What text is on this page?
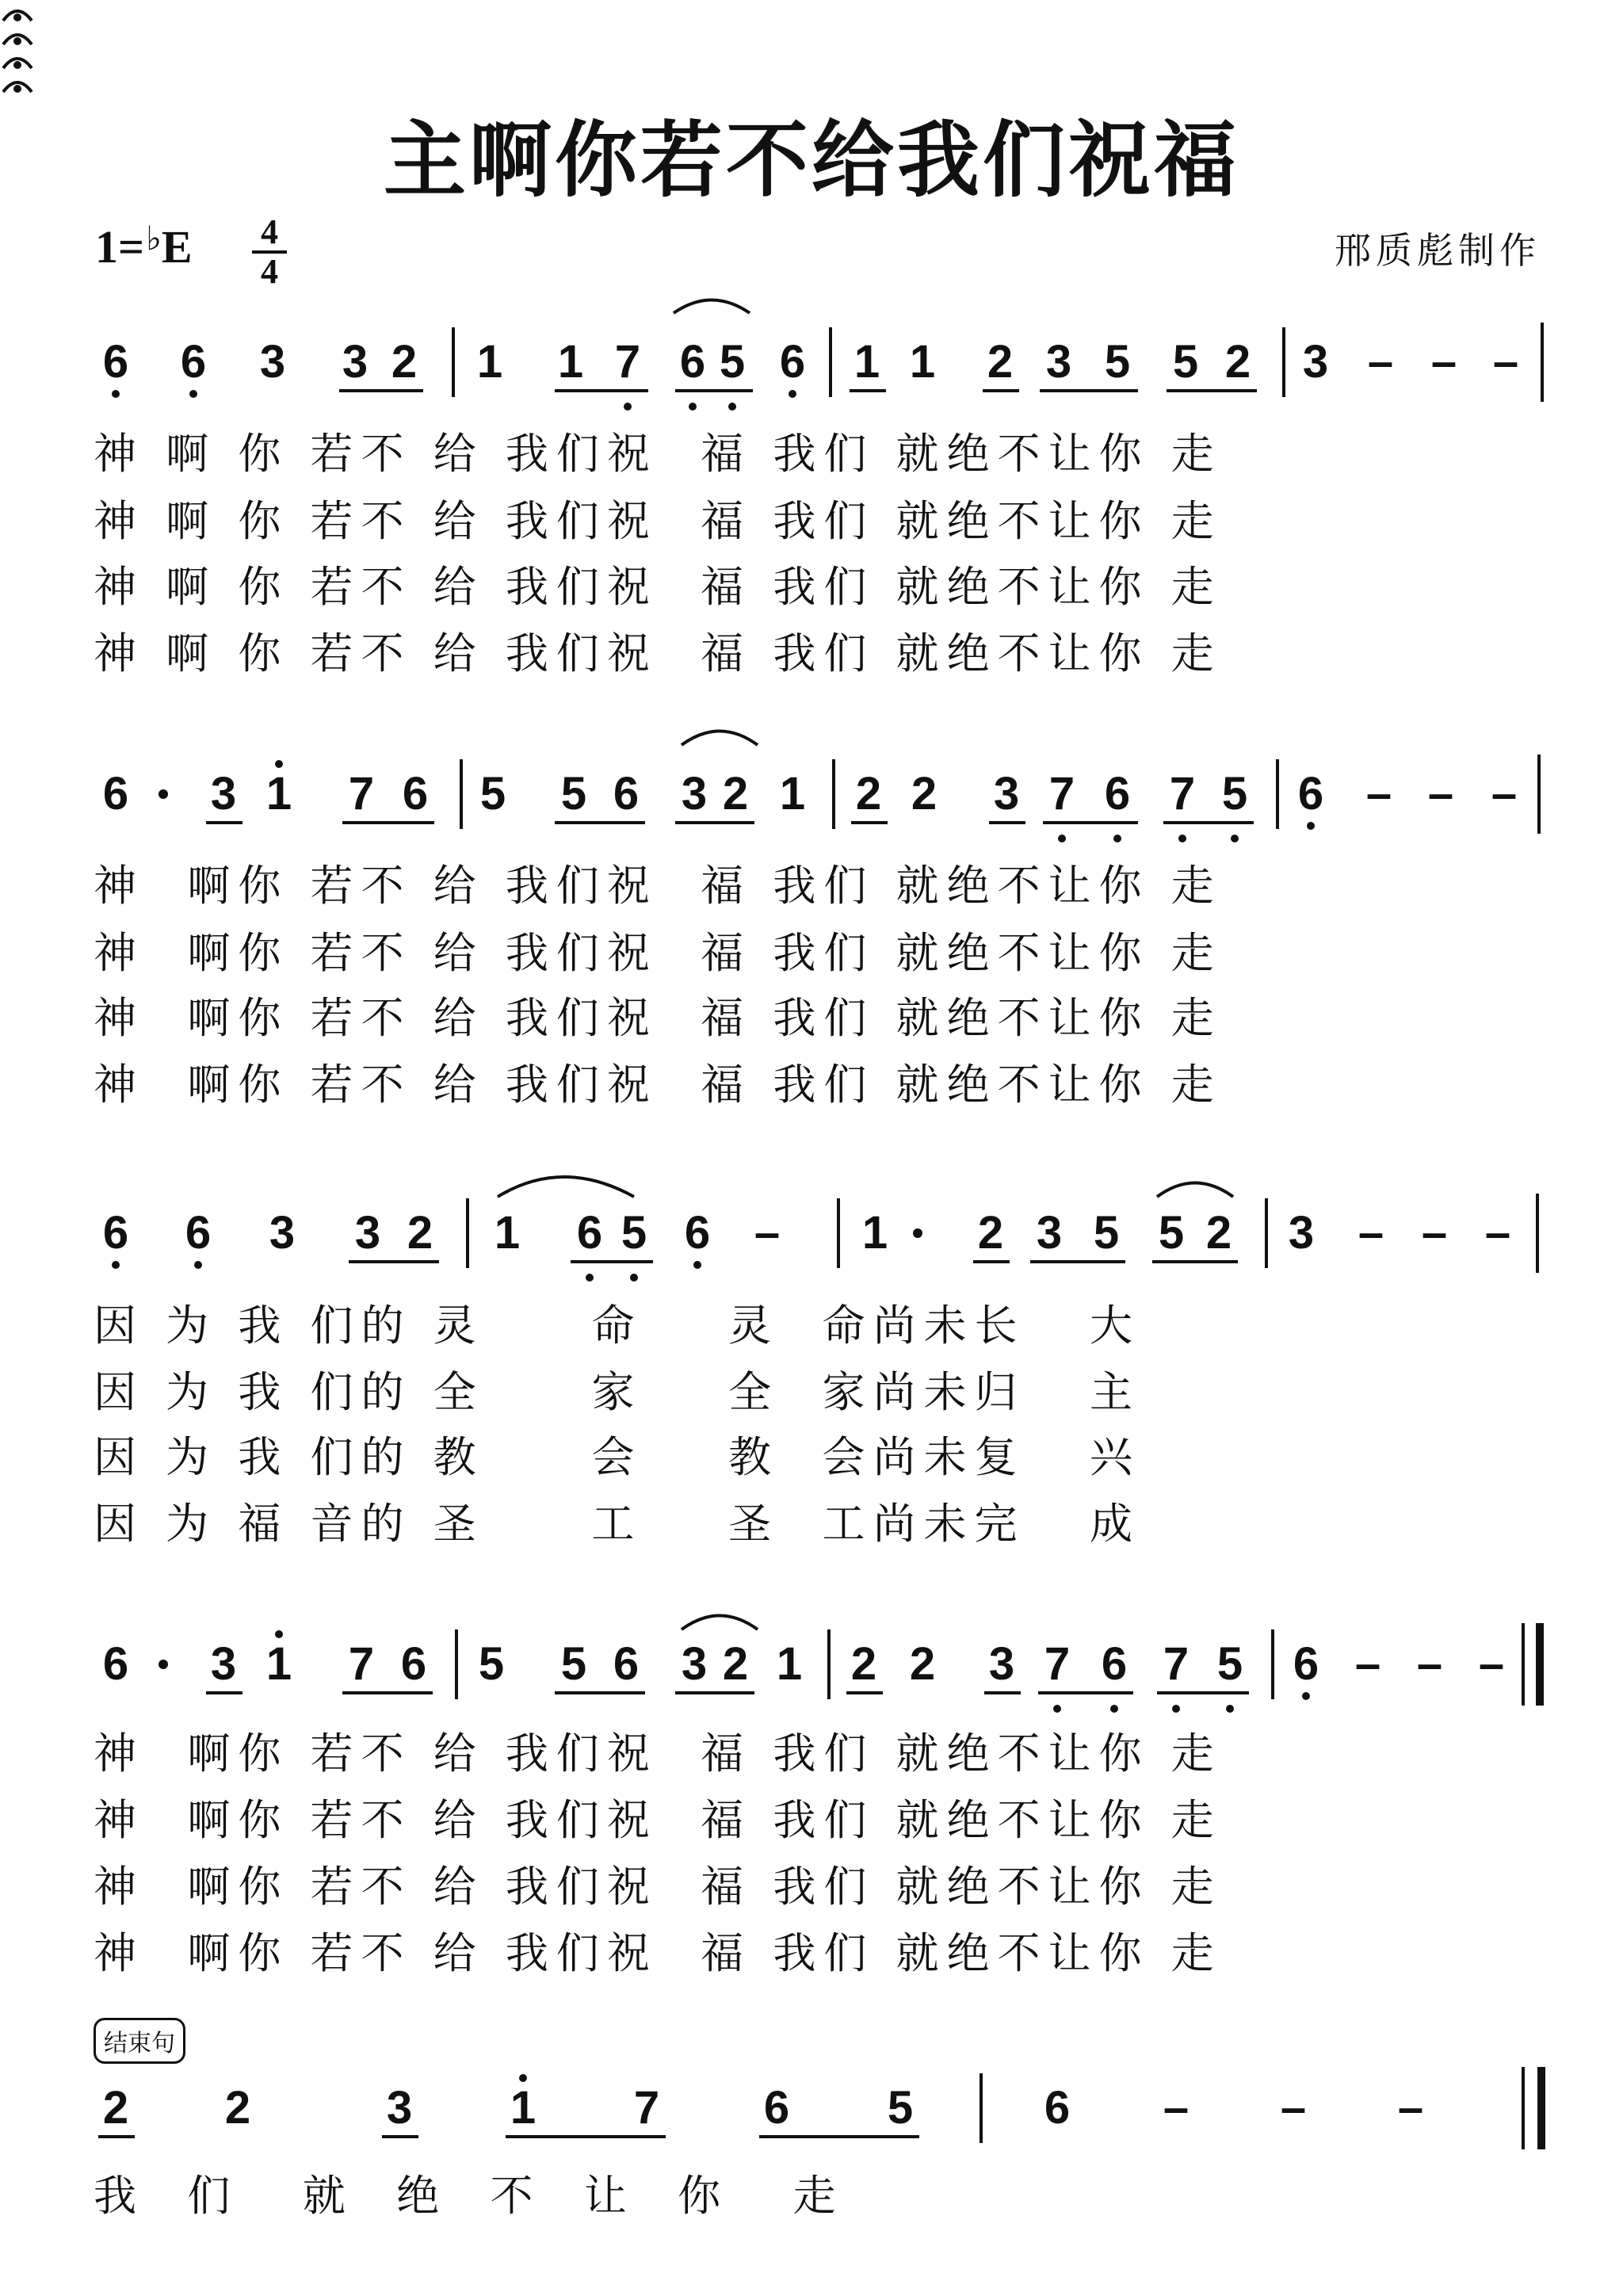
主啊你若不给我们祝福
1=♭E 4
4	邢质彪制作
6 6 3 3 2 1 1 7 6 5 6 1 1 2 3 5 5 2 3 – – –
神 啊 你 若不 给 我们祝  福 我们 就绝不让你 走
神 啊 你 若不 给 我们祝  福 我们 就绝不让你 走
神 啊 你 若不 给 我们祝  福 我们 就绝不让你 走
神 啊 你 若不 给 我们祝  福 我们 就绝不让你 走
6 3 1 7 6 5 5 6 3 2 1 2 2 3 7 6 7 5 6 – – –
神  啊你 若不 给 我们祝  福 我们 就绝不让你 走
神  啊你 若不 给 我们祝  福 我们 就绝不让你 走
神  啊你 若不 给 我们祝  福 我们 就绝不让你 走
神  啊你 若不 给 我们祝  福 我们 就绝不让你 走
6 6 3 3 2 1 6 5 6 – 1 2 3 5 5 2 3 – – –
因 为 我 们的 灵     命    灵  命尚未长   大
因 为 我 们的 全     家    全  家尚未归   主
因 为 我 们的 教     会    教  会尚未复   兴
因 为 福 音的 圣     工    圣  工尚未完   成
6 3 1 7 6 5 5 6 3 2 1 2 2 3 7 6 7 5 6 – – –
神  啊你 若不 给 我们祝  福 我们 就绝不让你 走
神  啊你 若不 给 我们祝  福 我们 就绝不让你 走
神  啊你 若不 给 我们祝  福 我们 就绝不让你 走
神  啊你 若不 给 我们祝  福 我们 就绝不让你 走
2 2	3 1 7 6 5	6 – – –
我  们   就  绝  不  让  你   走
结束句
